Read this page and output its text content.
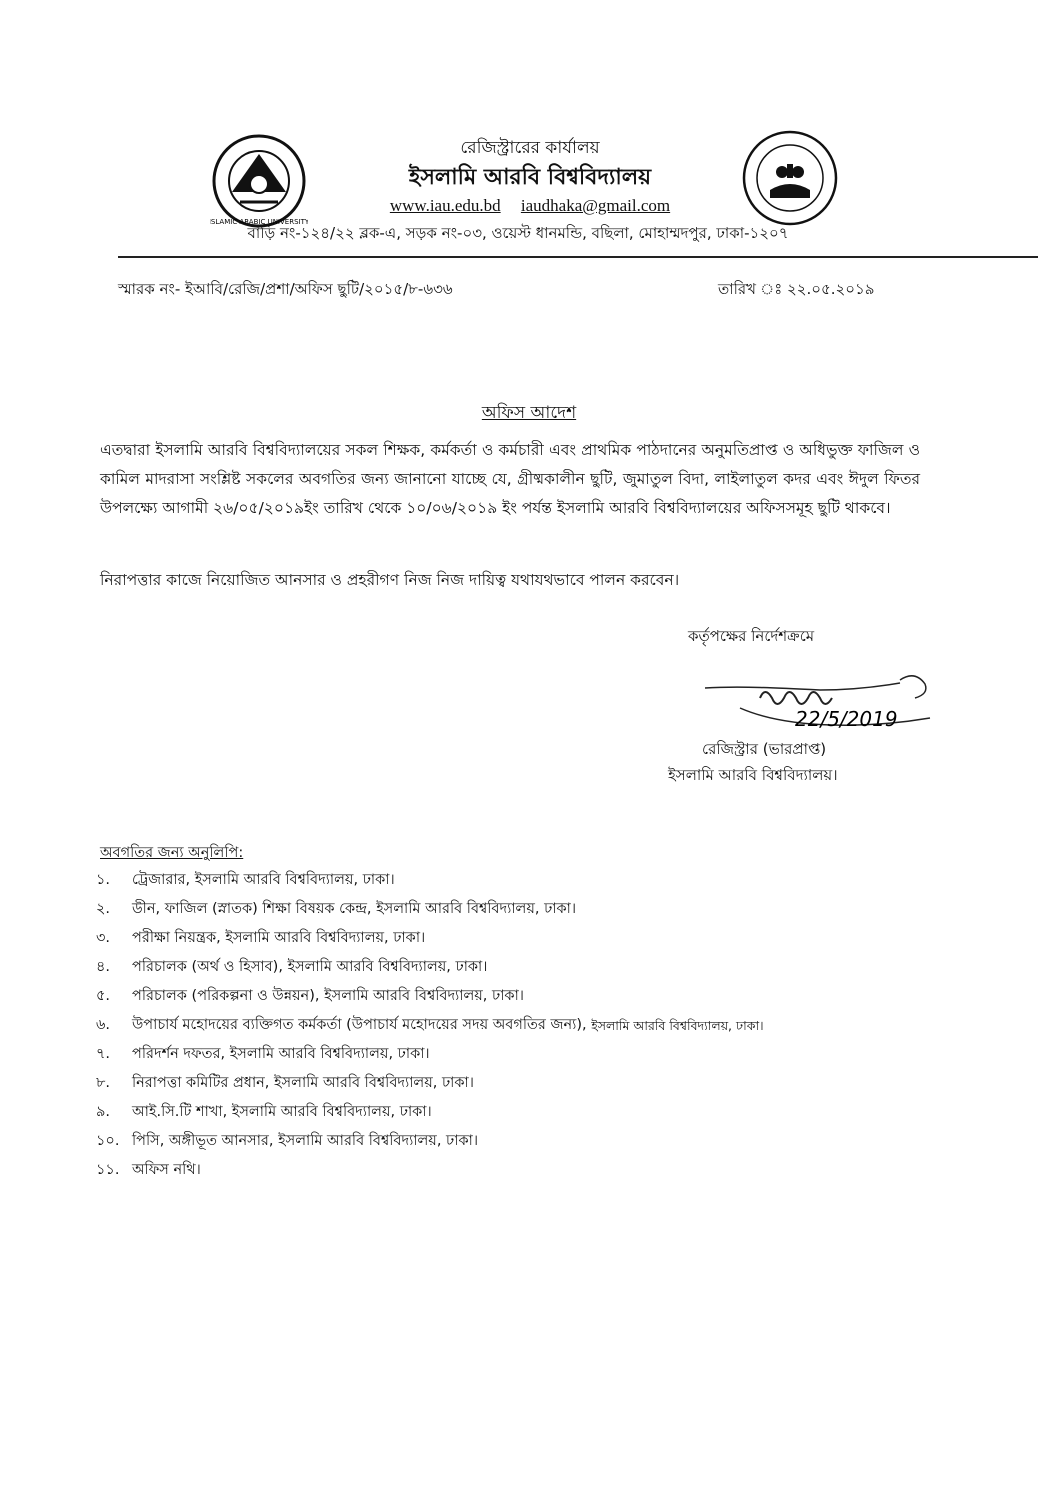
ISLAMIC ARABIC UNIVERSITY
রেজিস্ট্রারের কার্যালয়
ইসলামি আরবি বিশ্ববিদ্যালয়
www.iau.edu.bd iaudhaka@gmail.com
বাড়ি নং-১২৪/২২ ব্লক-এ, সড়ক নং-০৩, ওয়েস্ট ধানমন্ডি, বছিলা, মোহাম্মদপুর, ঢাকা-১২০৭
স্মারক নং- ইআবি/রেজি/প্রশা/অফিস ছুটি/২০১৫/৮-৬৩৬	তারিখ ঃ ২২.০৫.২০১৯
অফিস আদেশ
এতদ্বারা ইসলামি আরবি বিশ্ববিদ্যালয়ের সকল শিক্ষক, কর্মকর্তা ও কর্মচারী এবং প্রাথমিক পাঠদানের অনুমতিপ্রাপ্ত ও অধিভুক্ত ফাজিল ও কামিল মাদরাসা সংশ্লিষ্ট সকলের অবগতির জন্য জানানো যাচ্ছে যে, গ্রীষ্মকালীন ছুটি, জুমাতুল বিদা, লাইলাতুল কদর এবং ঈদুল ফিতর উপলক্ষ্যে আগামী ২৬/০৫/২০১৯ইং তারিখ থেকে ১০/০৬/২০১৯ ইং পর্যন্ত ইসলামি আরবি বিশ্ববিদ্যালয়ের অফিসসমূহ ছুটি থাকবে।
নিরাপত্তার কাজে নিয়োজিত আনসার ও প্রহরীগণ নিজ নিজ দায়িত্ব যথাযথভাবে পালন করবেন।
কর্তৃপক্ষের নির্দেশক্রমে
22/5/2019
রেজিস্ট্রার (ভারপ্রাপ্ত)
ইসলামি আরবি বিশ্ববিদ্যালয়।
অবগতির জন্য অনুলিপি:
১.	ট্রেজারার, ইসলামি আরবি বিশ্ববিদ্যালয়, ঢাকা।
২.	ডীন, ফাজিল (স্নাতক) শিক্ষা বিষয়ক কেন্দ্র, ইসলামি আরবি বিশ্ববিদ্যালয়, ঢাকা।
৩.	পরীক্ষা নিয়ন্ত্রক, ইসলামি আরবি বিশ্ববিদ্যালয়, ঢাকা।
৪.	পরিচালক (অর্থ ও হিসাব), ইসলামি আরবি বিশ্ববিদ্যালয়, ঢাকা।
৫.	পরিচালক (পরিকল্পনা ও উন্নয়ন), ইসলামি আরবি বিশ্ববিদ্যালয়, ঢাকা।
৬.	উপাচার্য মহোদয়ের ব্যক্তিগত কর্মকর্তা (উপাচার্য মহোদয়ের সদয় অবগতির জন্য),
ইসলামি আরবি বিশ্ববিদ্যালয়, ঢাকা।
৭.	পরিদর্শন দফতর, ইসলামি আরবি বিশ্ববিদ্যালয়, ঢাকা।
৮.	নিরাপত্তা কমিটির প্রধান, ইসলামি আরবি বিশ্ববিদ্যালয়, ঢাকা।
৯.	আই.সি.টি শাখা, ইসলামি আরবি বিশ্ববিদ্যালয়, ঢাকা।
১০. পিসি, অঙ্গীভূত আনসার, ইসলামি আরবি বিশ্ববিদ্যালয়, ঢাকা।
১১. অফিস নথি।
